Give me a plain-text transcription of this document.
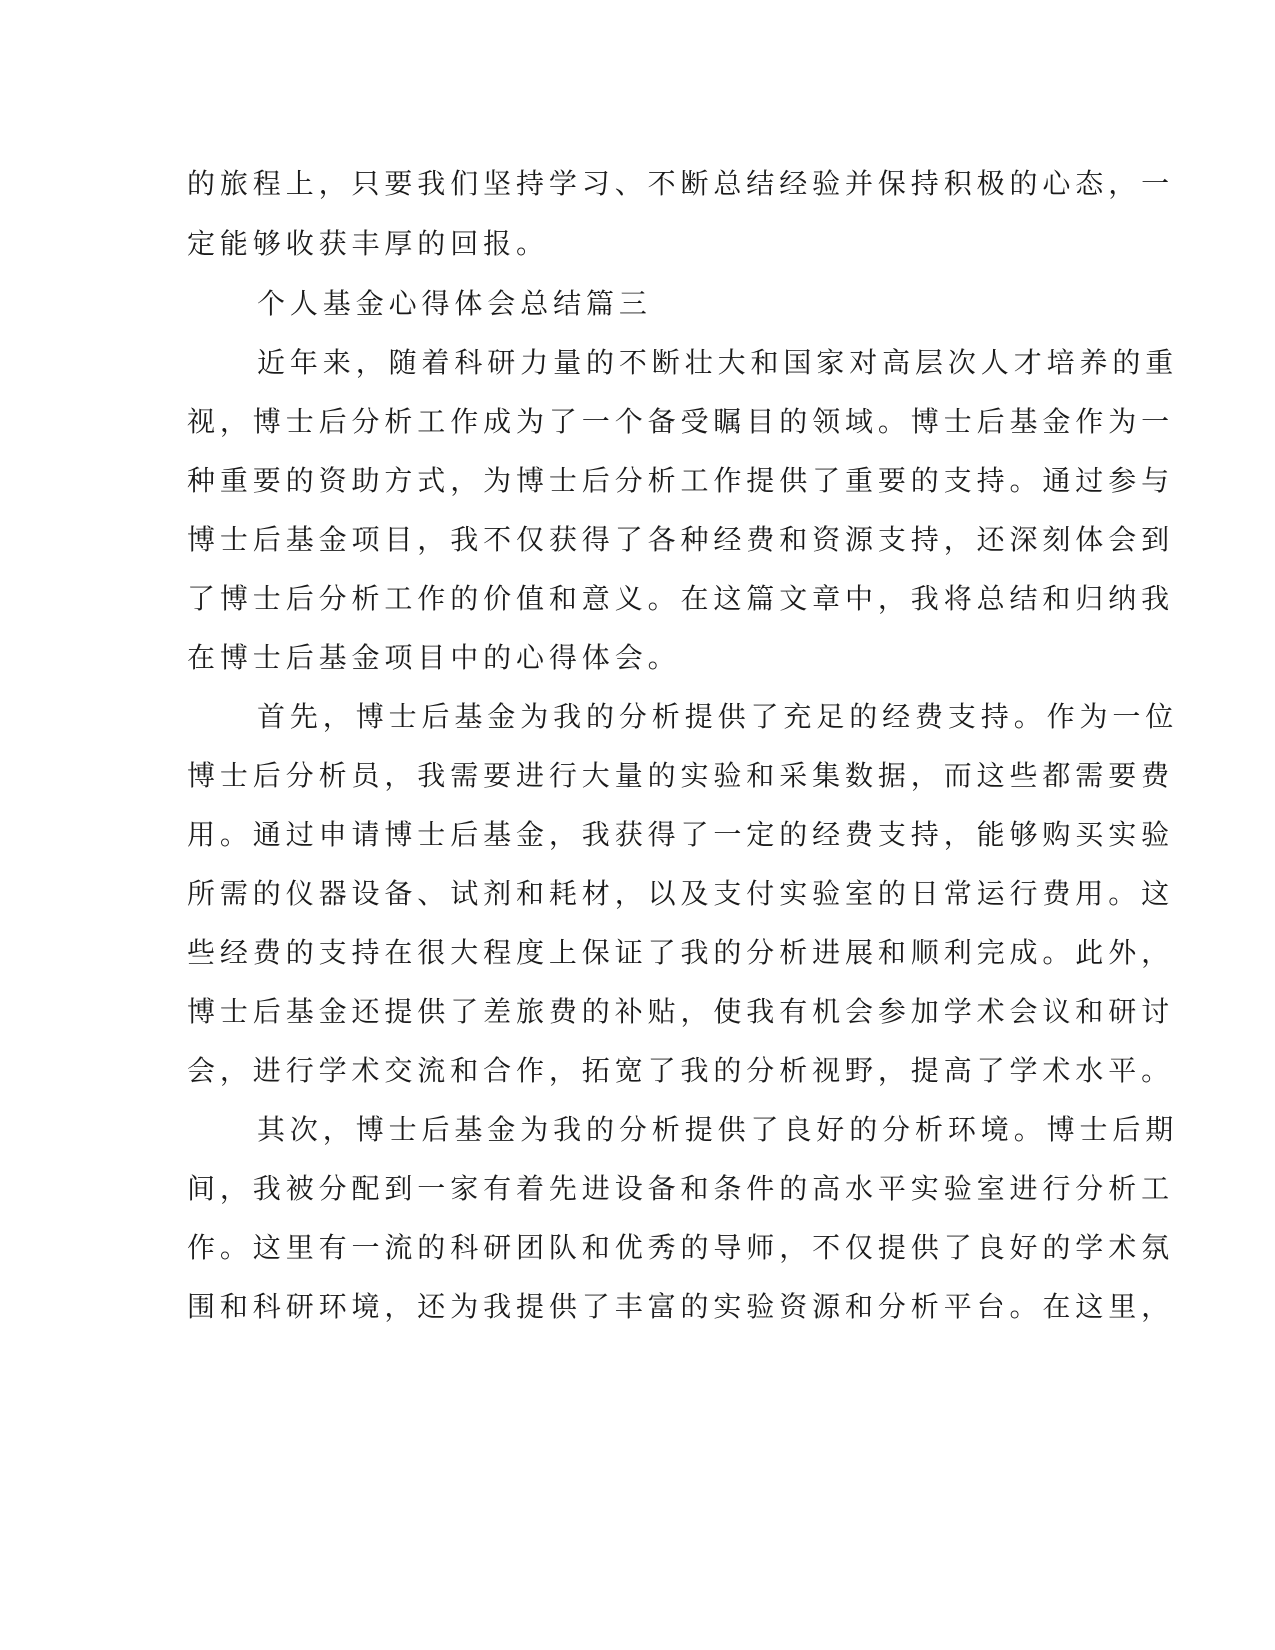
的旅程上，只要我们坚持学习、不断总结经验并保持积极的心态，一
定能够收获丰厚的回报。
个人基金心得体会总结篇三
近年来，随着科研力量的不断壮大和国家对高层次人才培养的重
视，博士后分析工作成为了一个备受瞩目的领域。博士后基金作为一
种重要的资助方式，为博士后分析工作提供了重要的支持。通过参与
博士后基金项目，我不仅获得了各种经费和资源支持，还深刻体会到
了博士后分析工作的价值和意义。在这篇文章中，我将总结和归纳我
在博士后基金项目中的心得体会。
首先，博士后基金为我的分析提供了充足的经费支持。作为一位
博士后分析员，我需要进行大量的实验和采集数据，而这些都需要费
用。通过申请博士后基金，我获得了一定的经费支持，能够购买实验
所需的仪器设备、试剂和耗材，以及支付实验室的日常运行费用。这
些经费的支持在很大程度上保证了我的分析进展和顺利完成。此外，
博士后基金还提供了差旅费的补贴，使我有机会参加学术会议和研讨
会，进行学术交流和合作，拓宽了我的分析视野，提高了学术水平。
其次，博士后基金为我的分析提供了良好的分析环境。博士后期
间，我被分配到一家有着先进设备和条件的高水平实验室进行分析工
作。这里有一流的科研团队和优秀的导师，不仅提供了良好的学术氛
围和科研环境，还为我提供了丰富的实验资源和分析平台。在这里，
